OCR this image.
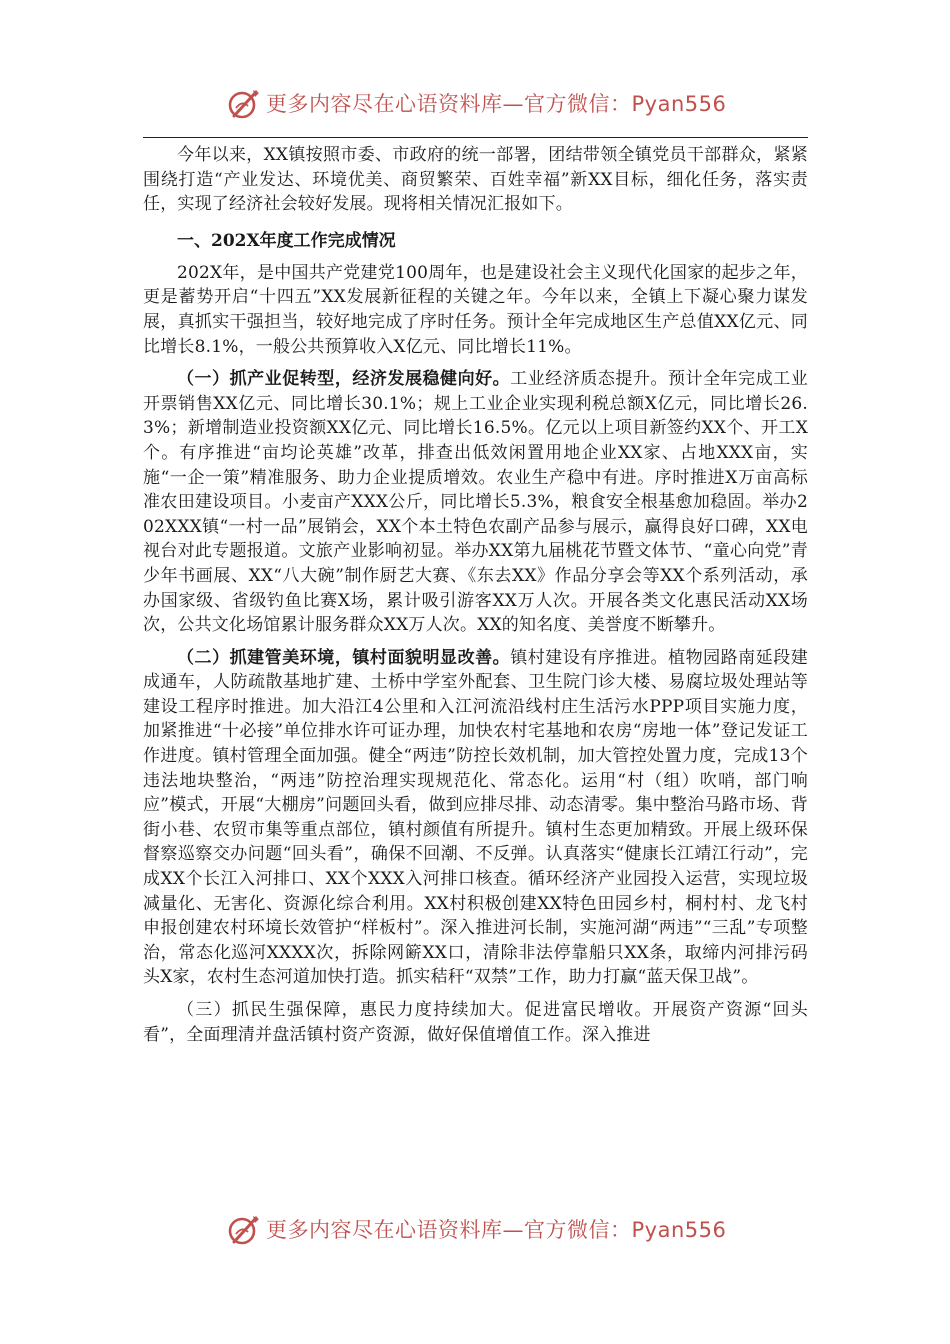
更多内容尽在心语资料库—官方微信：Pyan556

今年以来，XX镇按照市委、市政府的统一部署，团结带领全镇党员干部群众，紧紧围绕打造“产业发达、环境优美、商贸繁荣、百姓幸福”新XX目标，细化任务，落实责任，实现了经济社会较好发展。现将相关情况汇报如下。

一、202X年度工作完成情况

202X年，是中国共产党建党100周年，也是建设社会主义现代化国家的起步之年，更是蓄势开启“十四五”XX发展新征程的关键之年。今年以来，全镇上下凝心聚力谋发展，真抓实干强担当，较好地完成了序时任务。预计全年完成地区生产总值XX亿元、同比增长8.1%，一般公共预算收入X亿元、同比增长11%。

（一）抓产业促转型，经济发展稳健向好。工业经济质态提升。预计全年完成工业开票销售XX亿元、同比增长30.1%；规上工业企业实现利税总额X亿元，同比增长26.3%；新增制造业投资额XX亿元、同比增长16.5%。亿元以上项目新签约XX个、开工X个。有序推进“亩均论英雄”改革，排查出低效闲置用地企业XX家、占地XXX亩，实施“一企一策”精准服务、助力企业提质增效。农业生产稳中有进。序时推进X万亩高标准农田建设项目。小麦亩产XXX公斤，同比增长5.3%，粮食安全根基愈加稳固。举办202XXX镇“一村一品”展销会，XX个本土特色农副产品参与展示，赢得良好口碑，XX电视台对此专题报道。文旅产业影响初显。举办XX第九届桃花节暨文体节、“童心向党”青少年书画展、XX“八大碗”制作厨艺大赛、《东去XX》作品分享会等XX个系列活动，承办国家级、省级钓鱼比赛X场，累计吸引游客XX万人次。开展各类文化惠民活动XX场次，公共文化场馆累计服务群众XX万人次。XX的知名度、美誉度不断攀升。

（二）抓建管美环境，镇村面貌明显改善。镇村建设有序推进。植物园路南延段建成通车，人防疏散基地扩建、土桥中学室外配套、卫生院门诊大楼、易腐垃圾处理站等建设工程序时推进。加大沿江4公里和入江河流沿线村庄生活污水PPP项目实施力度，加紧推进“十必接”单位排水许可证办理，加快农村宅基地和农房“房地一体”登记发证工作进度。镇村管理全面加强。健全“两违”防控长效机制，加大管控处置力度，完成13个违法地块整治，“两违”防控治理实现规范化、常态化。运用“村（组）吹哨，部门响应”模式，开展“大棚房”问题回头看，做到应排尽排、动态清零。集中整治马路市场、背街小巷、农贸市集等重点部位，镇村颜值有所提升。镇村生态更加精致。开展上级环保督察巡察交办问题“回头看”，确保不回潮、不反弹。认真落实“健康长江靖江行动”，完成XX个长江入河排口、XX个XXX入河排口核查。循环经济产业园投入运营，实现垃圾减量化、无害化、资源化综合利用。XX村积极创建XX特色田园乡村，桐村村、龙飞村申报创建农村环境长效管护“样板村”。深入推进河长制，实施河湖“两违”“三乱”专项整治，常态化巡河XXXX次，拆除网簖XX口，清除非法停靠船只XX条，取缔内河排污码头X家，农村生态河道加快打造。抓实秸秆“双禁”工作，助力打赢“蓝天保卫战”。

（三）抓民生强保障，惠民力度持续加大。促进富民增收。开展资产资源“回头看”，全面理清并盘活镇村资产资源，做好保值增值工作。深入推进

更多内容尽在心语资料库—官方微信：Pyan556
